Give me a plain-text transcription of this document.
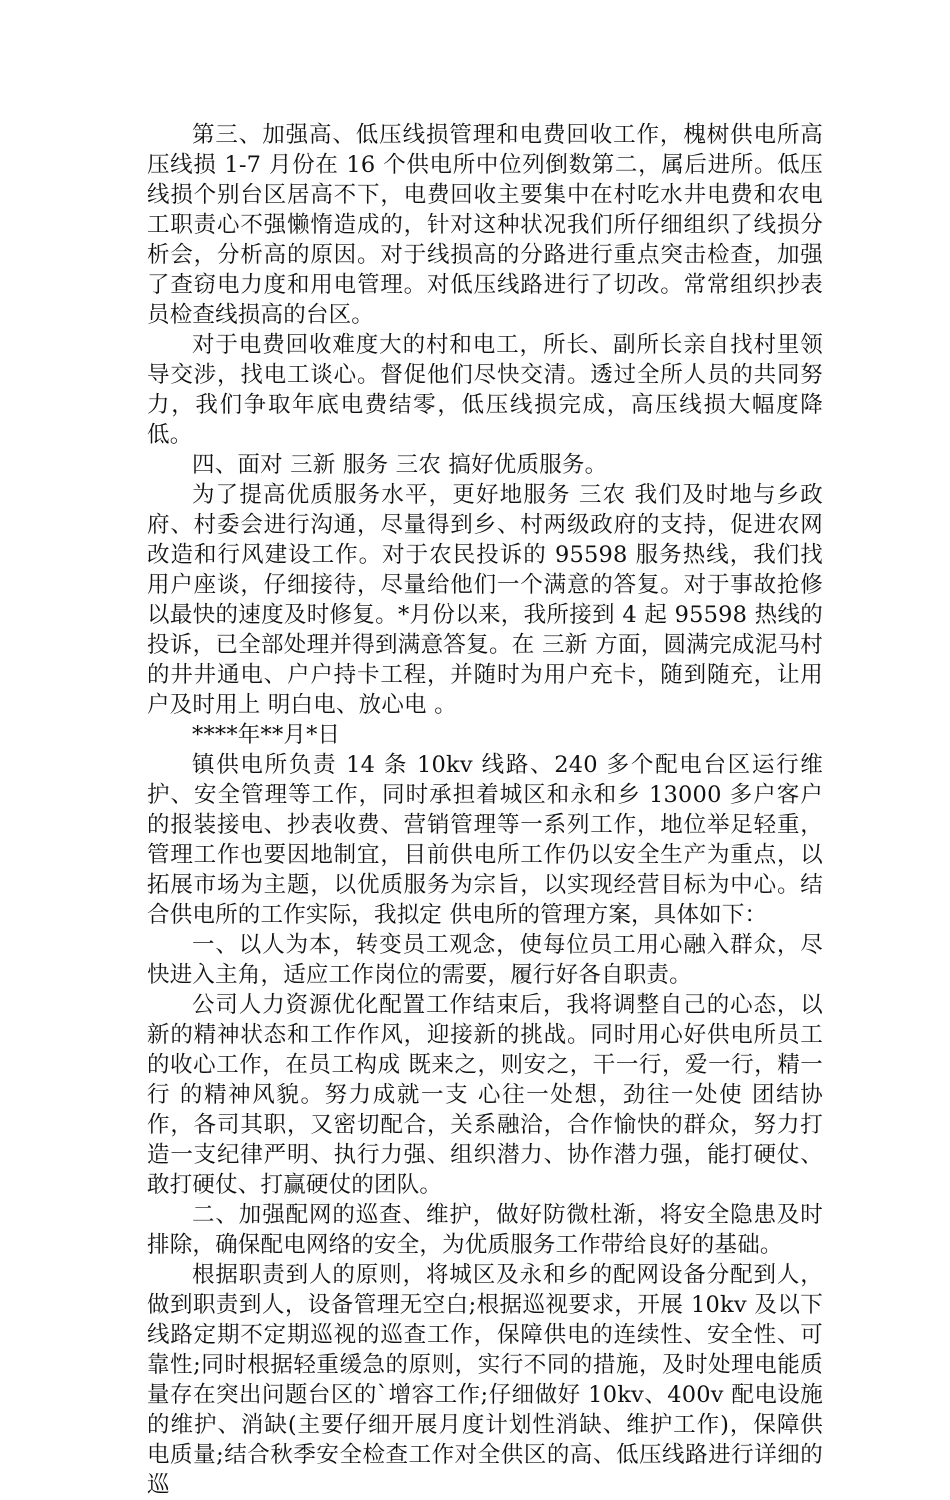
第三、加强高、低压线损管理和电费回收工作，槐树供电所高压线损 1-7 月份在 16 个供电所中位列倒数第二，属后进所。低压线损个别台区居高不下，电费回收主要集中在村吃水井电费和农电工职责心不强懒惰造成的，针对这种状况我们所仔细组织了线损分析会，分析高的原因。对于线损高的分路进行重点突击检查，加强了查窃电力度和用电管理。对低压线路进行了切改。常常组织抄表员检查线损高的台区。

对于电费回收难度大的村和电工，所长、副所长亲自找村里领导交涉，找电工谈心。督促他们尽快交清。透过全所人员的共同努力，我们争取年底电费结零，低压线损完成，高压线损大幅度降低。

四、面对 三新 服务 三农 搞好优质服务。

为了提高优质服务水平，更好地服务 三农 我们及时地与乡政府、村委会进行沟通，尽量得到乡、村两级政府的支持，促进农网改造和行风建设工作。对于农民投诉的 95598 服务热线，我们找用户座谈，仔细接待，尽量给他们一个满意的答复。对于事故抢修以最快的速度及时修复。*月份以来，我所接到 4 起 95598 热线的投诉，已全部处理并得到满意答复。在 三新 方面，圆满完成泥马村的井井通电、户户持卡工程，并随时为用户充卡，随到随充，让用户及时用上 明白电、放心电 。

****年**月*日

镇供电所负责 14 条 10kv 线路、240 多个配电台区运行维护、安全管理等工作，同时承担着城区和永和乡 13000 多户客户的报装接电、抄表收费、营销管理等一系列工作，地位举足轻重，管理工作也要因地制宜，目前供电所工作仍以安全生产为重点，以拓展市场为主题，以优质服务为宗旨，以实现经营目标为中心。结合供电所的工作实际，我拟定 供电所的管理方案，具体如下：

一、以人为本，转变员工观念，使每位员工用心融入群众，尽快进入主角，适应工作岗位的需要，履行好各自职责。

公司人力资源优化配置工作结束后，我将调整自己的心态，以新的精神状态和工作作风，迎接新的挑战。同时用心好供电所员工的收心工作，在员工构成 既来之，则安之，干一行，爱一行，精一行 的精神风貌。努力成就一支 心往一处想，劲往一处使 团结协作，各司其职，又密切配合，关系融洽，合作愉快的群众，努力打造一支纪律严明、执行力强、组织潜力、协作潜力强，能打硬仗、敢打硬仗、打赢硬仗的团队。

二、加强配网的巡查、维护，做好防微杜渐，将安全隐患及时排除，确保配电网络的安全，为优质服务工作带给良好的基础。

根据职责到人的原则，将城区及永和乡的配网设备分配到人，做到职责到人，设备管理无空白;根据巡视要求，开展 10kv 及以下线路定期不定期巡视的巡查工作，保障供电的连续性、安全性、可靠性;同时根据轻重缓急的原则，实行不同的措施，及时处理电能质量存在突出问题台区的`增容工作;仔细做好 10kv、400v 配电设施的维护、消缺(主要仔细开展月度计划性消缺、维护工作)，保障供电质量;结合秋季安全检查工作对全供区的高、低压线路进行详细的巡
